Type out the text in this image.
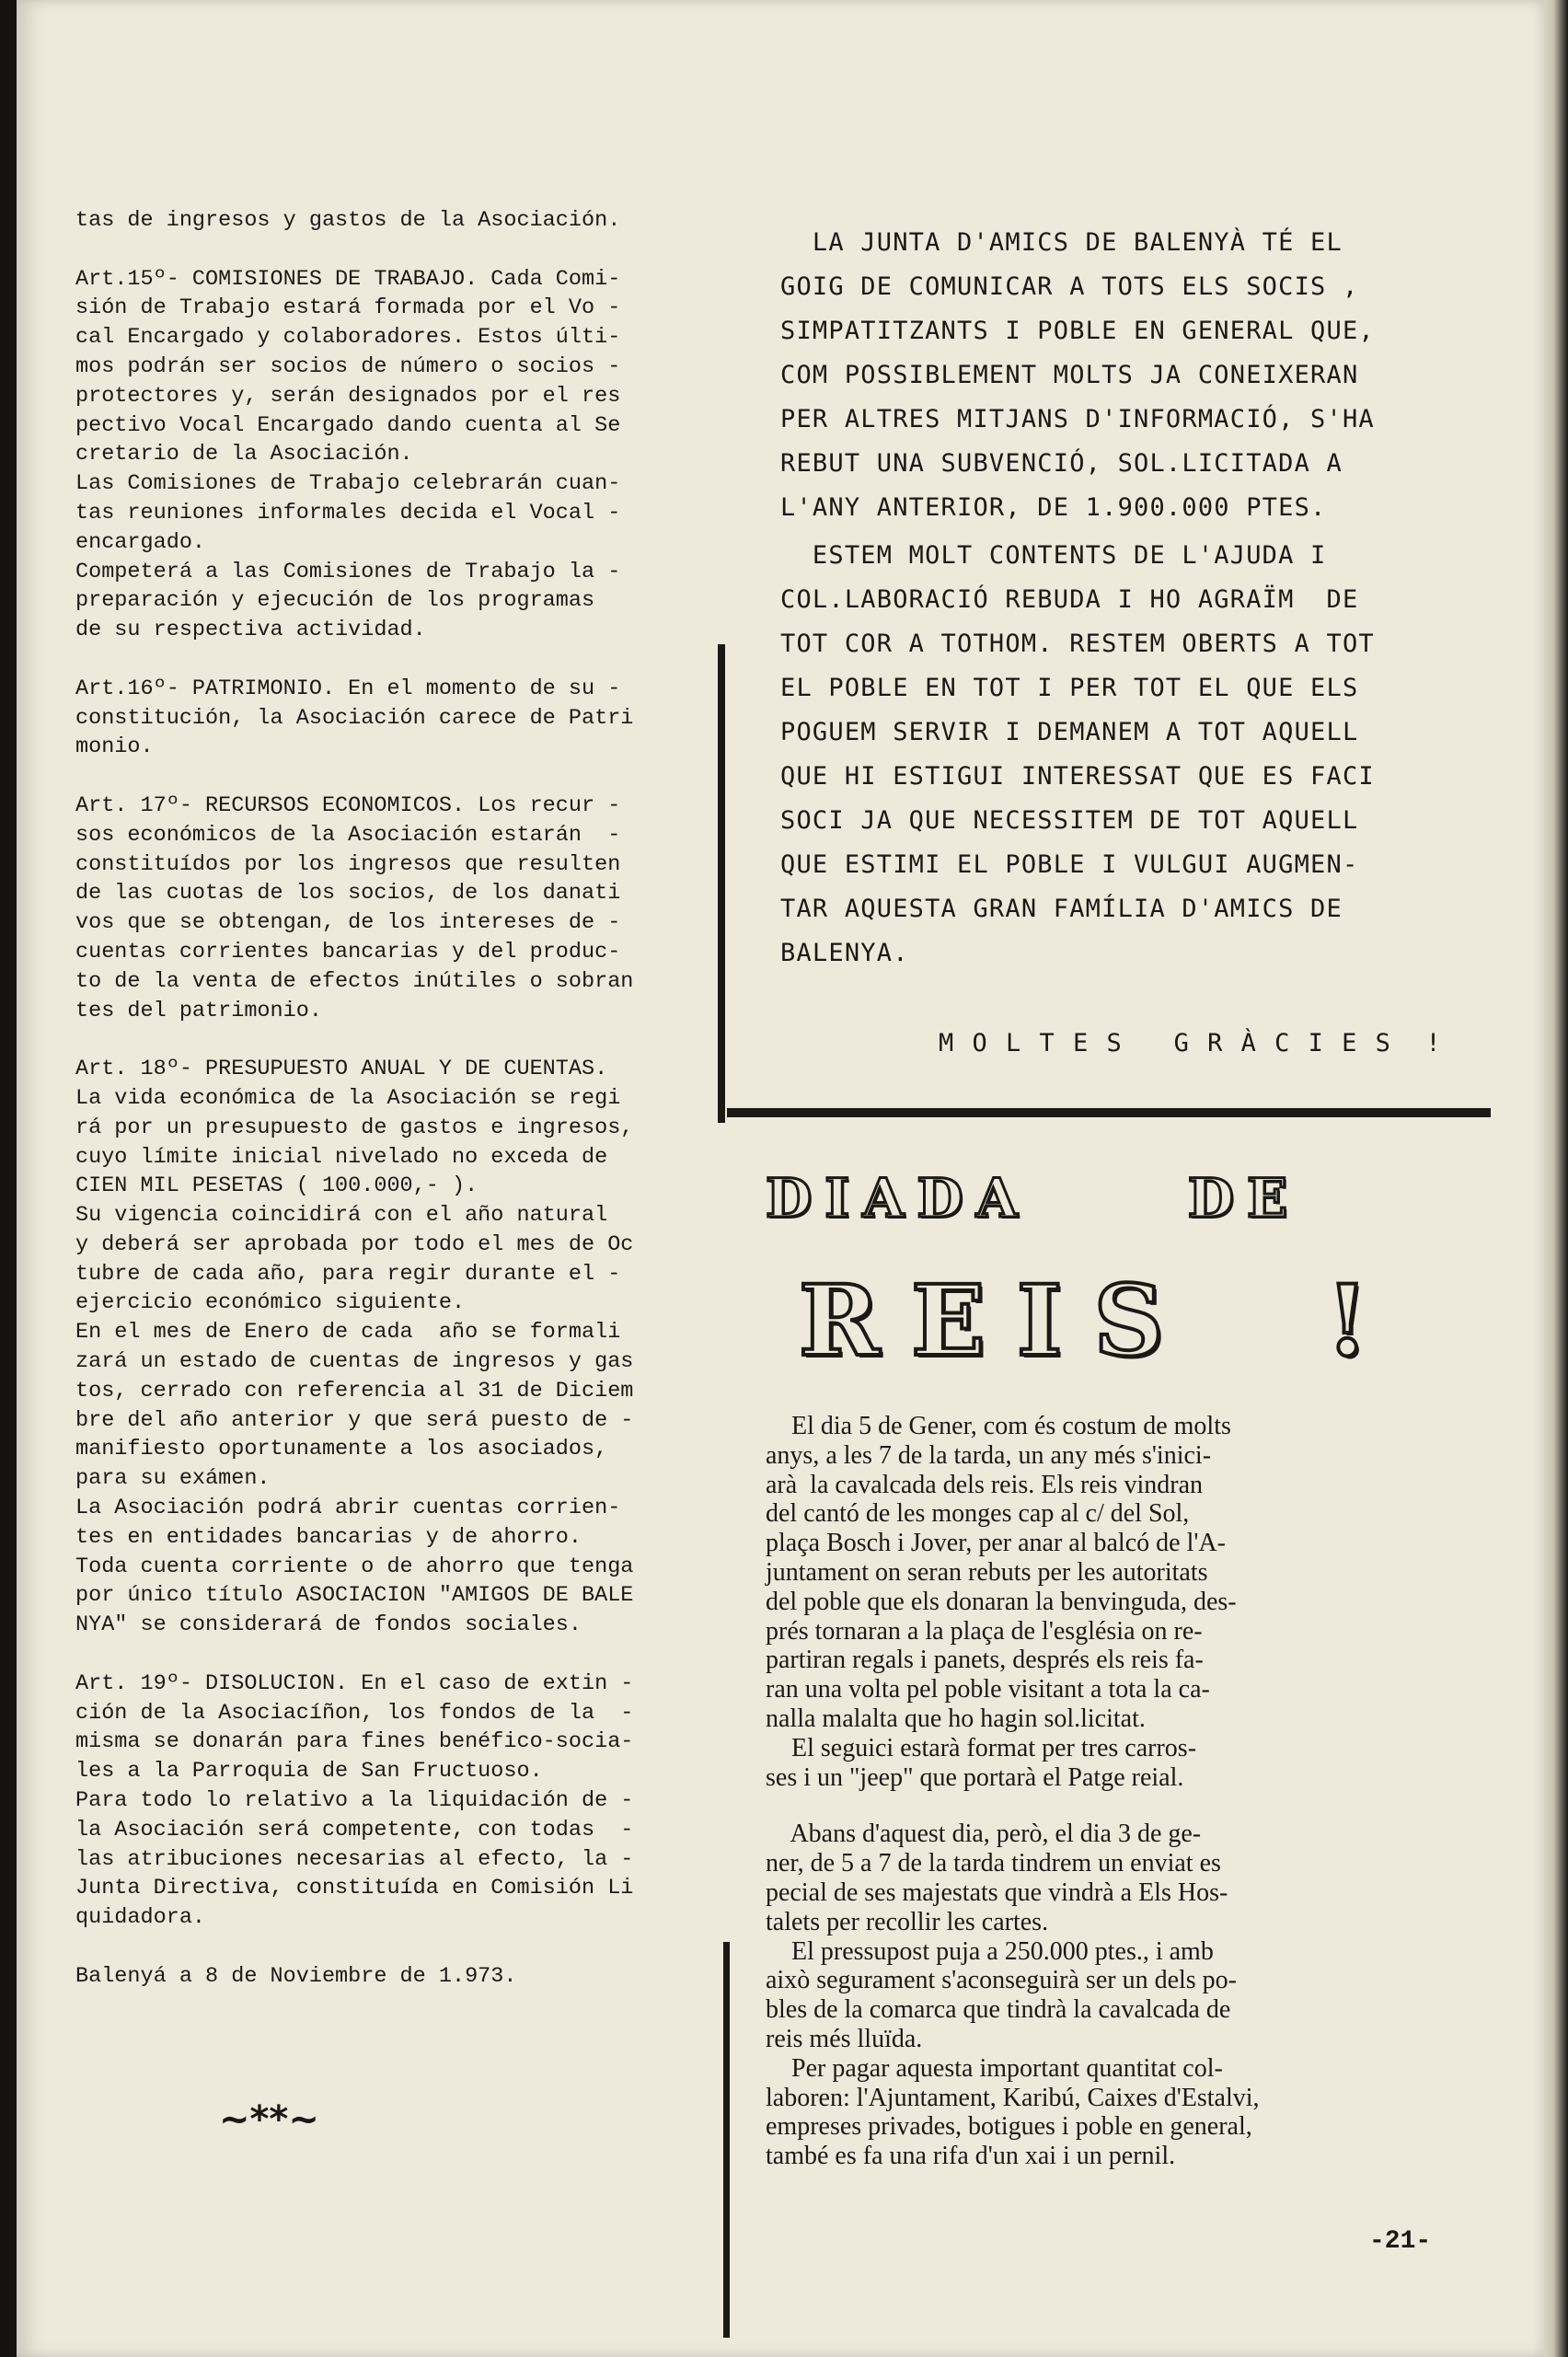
tas de ingresos y gastos de la Asociación.

Art.15º- COMISIONES DE TRABAJO. Cada Comi-

sión de Trabajo estará formada por el Vo -

cal Encargado y colaboradores. Estos últi-

mos podrán ser socios de número o socios -

protectores y, serán designados por el res

pectivo Vocal Encargado dando cuenta al Se

cretario de la Asociación.

Las Comisiones de Trabajo celebrarán cuan-

tas reuniones informales decida el Vocal -

encargado.

Competerá a las Comisiones de Trabajo la -

preparación y ejecución de los programas

de su respectiva actividad.

Art.16º- PATRIMONIO. En el momento de su -

constitución, la Asociación carece de Patri

monio.

Art. 17º- RECURSOS ECONOMICOS. Los recur -

sos económicos de la Asociación estarán  -

constituídos por los ingresos que resulten

de las cuotas de los socios, de los danati

vos que se obtengan, de los intereses de -

cuentas corrientes bancarias y del produc-

to de la venta de efectos inútiles o sobran

tes del patrimonio.

Art. 18º- PRESUPUESTO ANUAL Y DE CUENTAS.

La vida económica de la Asociación se regi

rá por un presupuesto de gastos e ingresos,

cuyo límite inicial nivelado no exceda de

CIEN MIL PESETAS ( 100.000,- ).

Su vigencia coincidirá con el año natural

y deberá ser aprobada por todo el mes de Oc

tubre de cada año, para regir durante el -

ejercicio económico siguiente.

En el mes de Enero de cada  año se formali

zará un estado de cuentas de ingresos y gas

tos, cerrado con referencia al 31 de Diciem

bre del año anterior y que será puesto de -

manifiesto oportunamente a los asociados,

para su exámen.

La Asociación podrá abrir cuentas corrien-

tes en entidades bancarias y de ahorro.

Toda cuenta corriente o de ahorro que tenga

por único título ASOCIACION "AMIGOS DE BALE

NYA" se considerará de fondos sociales.

Art. 19º- DISOLUCION. En el caso de extin -

ción de la Asociacíñon, los fondos de la  -

misma se donarán para fines benéfico-socia-

les a la Parroquia de San Fructuoso.

Para todo lo relativo a la liquidación de -

la Asociación será competente, con todas  -

las atribuciones necesarias al efecto, la -

Junta Directiva, constituída en Comisión Li

quidadora.

Balenyá a 8 de Noviembre de 1.973.

~**~

LA JUNTA D'AMICS DE BALENYÀ TÉ EL

GOIG DE COMUNICAR A TOTS ELS SOCIS ,

SIMPATITZANTS I POBLE EN GENERAL QUE,

COM POSSIBLEMENT MOLTS JA CONEIXERAN

PER ALTRES MITJANS D'INFORMACIÓ, S'HA

REBUT UNA SUBVENCIÓ, SOL.LICITADA A

L'ANY ANTERIOR, DE 1.900.000 PTES.

ESTEM MOLT CONTENTS DE L'AJUDA I

COL.LABORACIÓ REBUDA I HO AGRAÏM  DE

TOT COR A TOTHOM. RESTEM OBERTS A TOT

EL POBLE EN TOT I PER TOT EL QUE ELS

POGUEM SERVIR I DEMANEM A TOT AQUELL

QUE HI ESTIGUI INTERESSAT QUE ES FACI

SOCI JA QUE NECESSITEM DE TOT AQUELL

QUE ESTIMI EL POBLE I VULGUI AUGMEN-

TAR AQUESTA GRAN FAMÍLIA D'AMICS DE

BALENYA.

M O L T E S   G R À C I E S  !
DIADA     DE
REIS  !

El dia 5 de Gener, com és costum de molts

anys, a les 7 de la tarda, un any més s'inici-

arà  la cavalcada dels reis. Els reis vindran

del cantó de les monges cap al c/ del Sol,

plaça Bosch i Jover, per anar al balcó de l'A-

juntament on seran rebuts per les autoritats

del poble que els donaran la benvinguda, des-

prés tornaran a la plaça de l'església on re-

partiran regals i panets, després els reis fa-

ran una volta pel poble visitant a tota la ca-

nalla malalta que ho hagin sol.licitat.

El seguici estarà format per tres carros-

ses i un "jeep" que portarà el Patge reial.

Abans d'aquest dia, però, el dia 3 de ge-

ner, de 5 a 7 de la tarda tindrem un enviat es

pecial de ses majestats que vindrà a Els Hos-

talets per recollir les cartes.

El pressupost puja a 250.000 ptes., i amb

això segurament s'aconseguirà ser un dels po-

bles de la comarca que tindrà la cavalcada de

reis més lluïda.

Per pagar aquesta important quantitat col-

laboren: l'Ajuntament, Karibú, Caixes d'Estalvi,

empreses privades, botigues i poble en general,

també es fa una rifa d'un xai i un pernil.

-21-
